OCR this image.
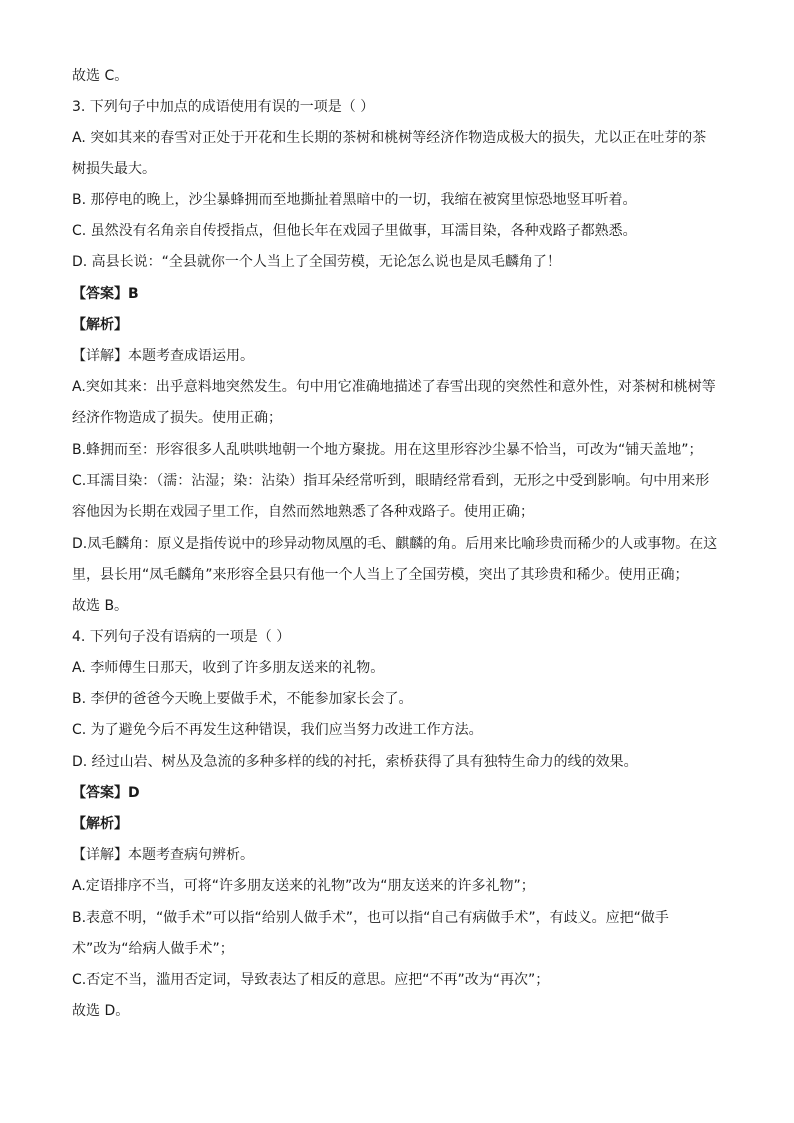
故选 C。
3. 下列句子中加点的成语使用有误的一项是（ ）
A. 突如其来的春雪对正处于开花和生长期的茶树和桃树等经济作物造成极大的损失，尤以正在吐芽的茶
树损失最大。
B. 那停电的晚上，沙尘暴蜂拥而至地撕扯着黑暗中的一切，我缩在被窝里惊恐地竖耳听着。
C. 虽然没有名角亲自传授指点，但他长年在戏园子里做事，耳濡目染，各种戏路子都熟悉。
D. 高县长说：“全县就你一个人当上了全国劳模，无论怎么说也是凤毛麟角了！
【答案】B
【解析】
【详解】本题考查成语运用。
A.突如其来：出乎意料地突然发生。句中用它准确地描述了春雪出现的突然性和意外性，对茶树和桃树等
经济作物造成了损失。使用正确；
B.蜂拥而至：形容很多人乱哄哄地朝一个地方聚拢。用在这里形容沙尘暴不恰当，可改为“铺天盖地”；
C.耳濡目染：（濡：沾湿；染：沾染）指耳朵经常听到，眼睛经常看到，无形之中受到影响。句中用来形
容他因为长期在戏园子里工作，自然而然地熟悉了各种戏路子。使用正确；
D.凤毛麟角：原义是指传说中的珍异动物凤凰的毛、麒麟的角。后用来比喻珍贵而稀少的人或事物。在这
里，县长用“凤毛麟角”来形容全县只有他一个人当上了全国劳模，突出了其珍贵和稀少。使用正确；
故选 B。
4. 下列句子没有语病的一项是（ ）
A. 李师傅生日那天，收到了许多朋友送来的礼物。
B. 李伊的爸爸今天晚上要做手术，不能参加家长会了。
C. 为了避免今后不再发生这种错误，我们应当努力改进工作方法。
D. 经过山岩、树丛及急流的多种多样的线的衬托，索桥获得了具有独特生命力的线的效果。
【答案】D
【解析】
【详解】本题考查病句辨析。
A.定语排序不当，可将“许多朋友送来的礼物”改为“朋友送来的许多礼物”；
B.表意不明，“做手术”可以指“给别人做手术”，也可以指“自己有病做手术”，有歧义。应把“做手
术”改为“给病人做手术”；
C.否定不当，滥用否定词，导致表达了相反的意思。应把“不再”改为“再次”；
故选 D。
